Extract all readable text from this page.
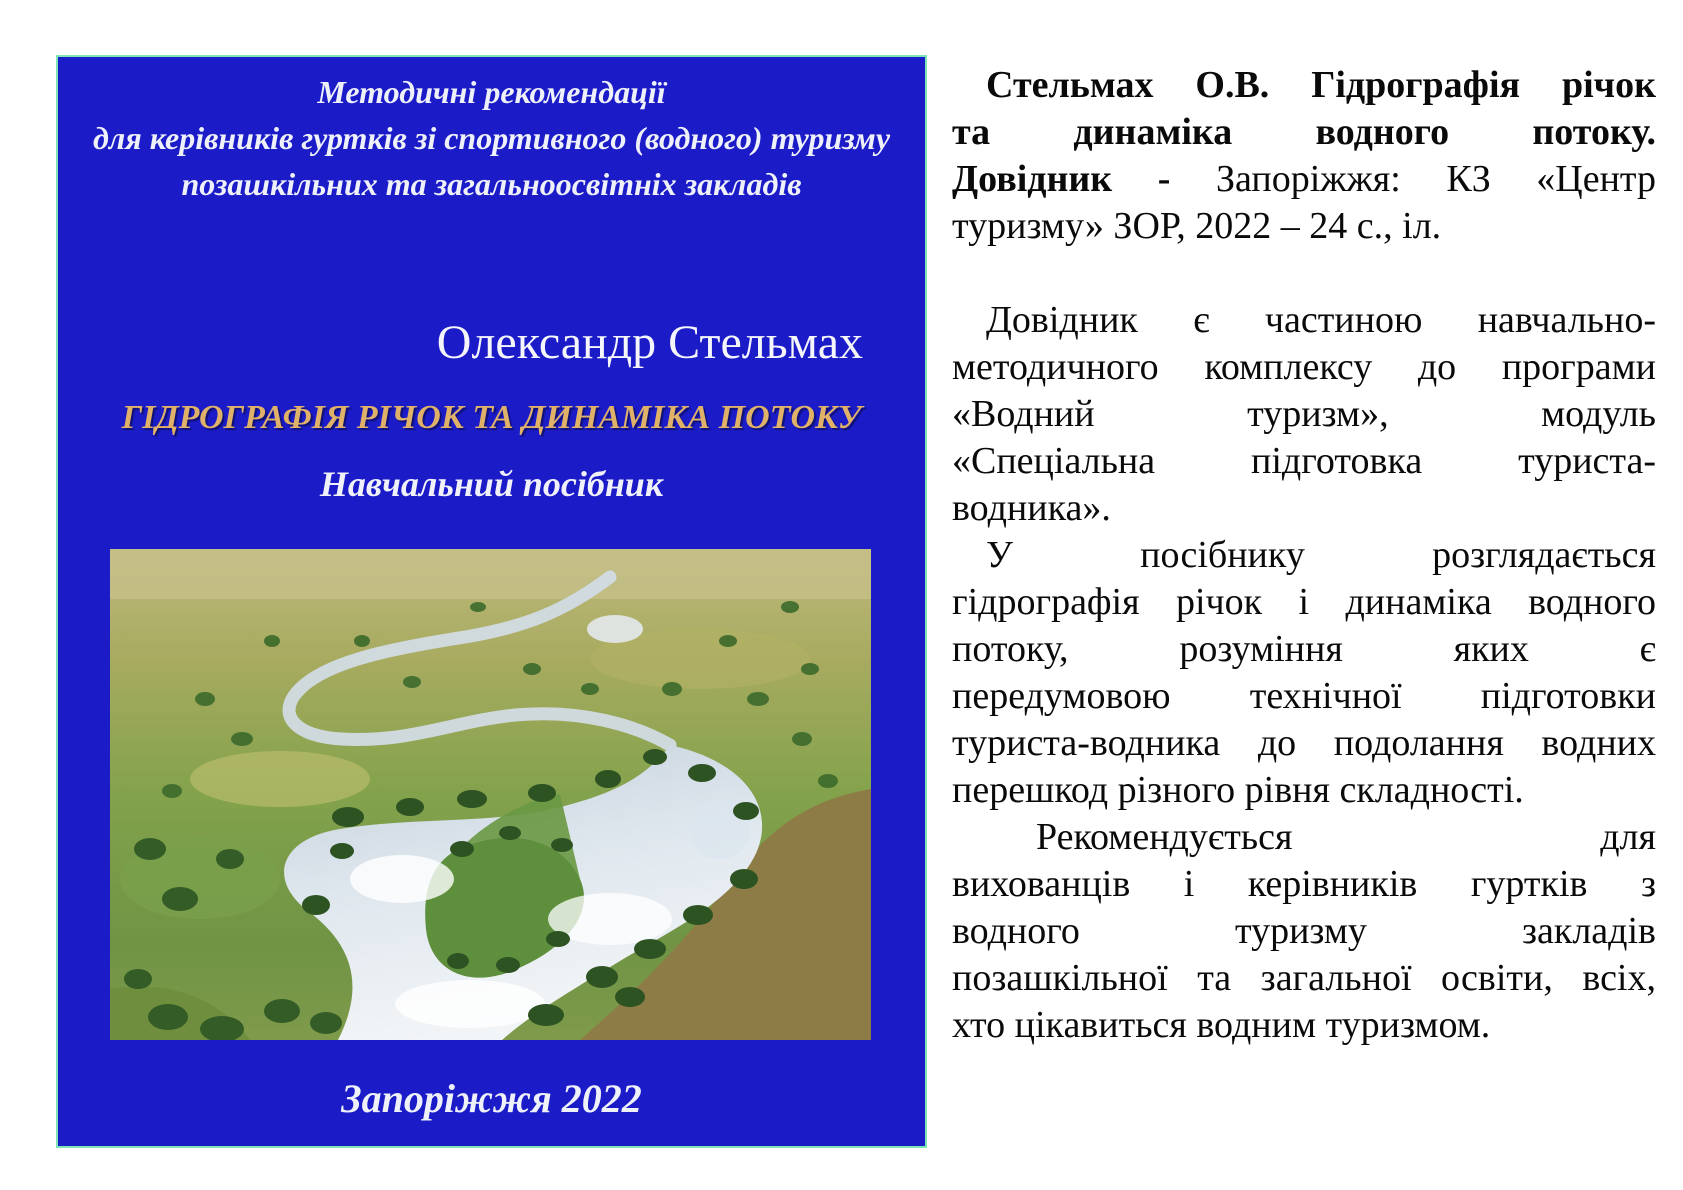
Методичні рекомендації
для керівників гуртків зі спортивного (водного) туризму
позашкільних та загальноосвітніх закладів
Олександр Стельмах
ГІДРОГРАФІЯ РІЧОК ТА ДИНАМІКА ПОТОКУ
Навчальний посібник
Запоріжжя 2022
Стельмах О.В. Гідрографія річок
та динаміка водного потоку.
Довідник - Запоріжжя: КЗ «Центр
туризму» ЗОР, 2022 – 24 с., іл.
Довідник є частиною навчально-
методичного комплексу до програми
«Водний туризм», модуль
«Спеціальна підготовка туриста-
водника».
У посібнику розглядається
гідрографія річок і динаміка водного
потоку, розуміння яких є
передумовою технічної підготовки
туриста-водника до подолання водних
перешкод різного рівня складності.
Рекомендується для
вихованців і керівників гуртків з
водного туризму закладів
позашкільної та загальної освіти, всіх,
хто цікавиться водним туризмом.
